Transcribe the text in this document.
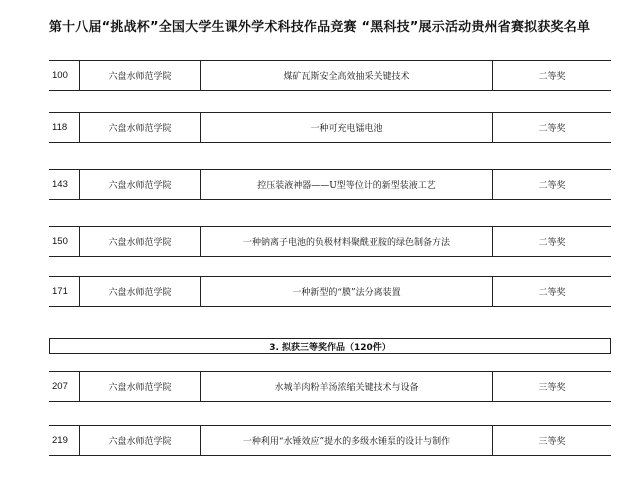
第十八届“挑战杯”全国大学生课外学术科技作品竞赛 “黑科技”展示活动贵州省赛拟获奖名单
100	六盘水师范学院	煤矿瓦斯安全高效抽采关键技术	二等奖
118	六盘水师范学院	一种可充电镭电池	二等奖
143	六盘水师范学院	控压装液神器——U型等位计的新型装液工艺	二等奖
150	六盘水师范学院	一种钠离子电池的负极材料聚酰亚胺的绿色制备方法	二等奖
171	六盘水师范学院	一种新型的“膜”法分离装置	二等奖
3. 拟获三等奖作品（120件）
207	六盘水师范学院	水城羊肉粉羊汤浓缩关键技术与设备	三等奖
219	六盘水师范学院	一种利用“水锤效应”提水的多级水锤泵的设计与制作	三等奖
